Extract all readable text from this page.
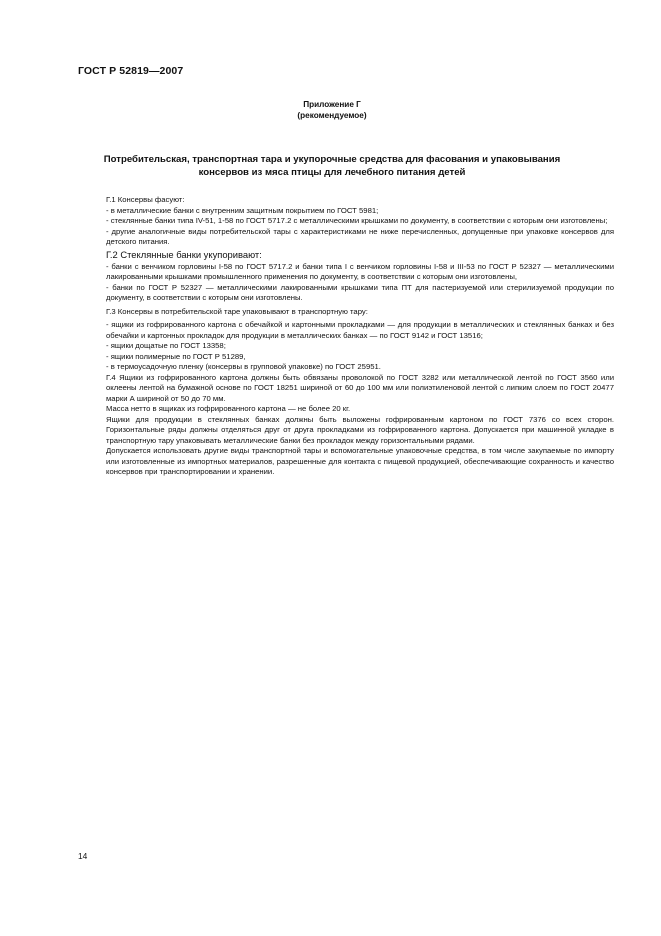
ГОСТ Р 52819—2007
Приложение Г
(рекомендуемое)
Потребительская, транспортная тара и укупорочные средства для фасования и упаковывания
консервов из мяса птицы для лечебного питания детей

Г.1 Консервы фасуют:

- в металлические банки с внутренним защитным покрытием по ГОСТ 5981;

- стеклянные банки типа IV-51, 1-58 по ГОСТ 5717.2 с металлическими крышками по документу, в соответствии с которым они изготовлены;

- другие аналогичные виды потребительской тары с характеристиками не ниже перечисленных, допущенные при упаковке консервов для детского питания.

Г.2 Стеклянные банки укупоривают:

- банки с венчиком горловины I-58 по ГОСТ 5717.2 и банки типа I с венчиком горловины I-58 и III-53 по ГОСТ Р 52327 — металлическими лакированными крышками промышленного применения по документу, в соответствии с которым они изготовлены,

- банки по ГОСТ Р 52327 — металлическими лакированными крышками типа ПТ для пастеризуемой или стерилизуемой продукции по документу, в соответствии с которым они изготовлены.

Г.3 Консервы в потребительской таре упаковывают в транспортную тару:

- ящики из гофрированного картона с обечайкой и картонными прокладками — для продукции в металлических и стеклянных банках и без обечайки и картонных прокладок для продукции в металлических банках — по ГОСТ 9142 и ГОСТ 13516;

- ящики дощатые по ГОСТ 13358;

- ящики полимерные по ГОСТ Р 51289,

- в термоусадочную пленку (консервы в групповой упаковке) по ГОСТ 25951.

Г.4 Ящики из гофрированного картона должны быть обвязаны проволокой по ГОСТ 3282 или металлической лентой по ГОСТ 3560 или оклеены лентой на бумажной основе по ГОСТ 18251 шириной от 60 до 100 мм или полиэтиленовой лентой с липким слоем по ГОСТ 20477 марки А шириной от 50 до 70 мм.

Масса нетто в ящиках из гофрированного картона — не более 20 кг.

Ящики для продукции в стеклянных банках должны быть выложены гофрированным картоном по ГОСТ 7376 со всех сторон. Горизонтальные ряды должны отделяться друг от друга прокладками из гофрированного картона. Допускается при машинной укладке в транспортную тару упаковывать металлические банки без прокладок между горизонтальными рядами.

Допускается использовать другие виды транспортной тары и вспомогательные упаковочные средства, в том числе закупаемые по импорту или изготовленные из импортных материалов, разрешенные для контакта с пищевой продукцией, обеспечивающие сохранность и качество консервов при транспортировании и хранении.

14
